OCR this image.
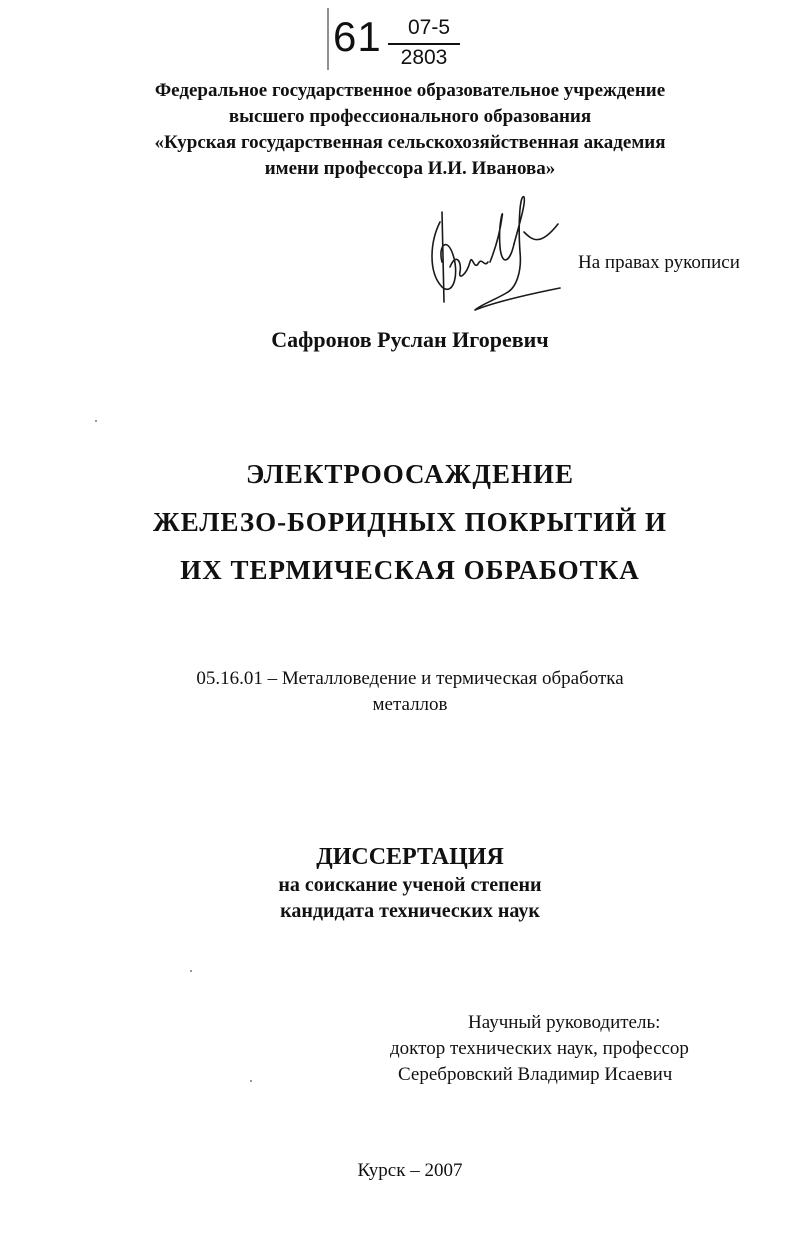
61	07-5
2803
Федеральное государственное образовательное учреждение
высшего профессионального образования
«Курская государственная сельскохозяйственная академия
имени профессора И.И. Иванова»
На правах рукописи
Сафронов Руслан Игоревич
ЭЛЕКТРООСАЖДЕНИЕ
ЖЕЛЕЗО-БОРИДНЫХ ПОКРЫТИЙ И
ИХ ТЕРМИЧЕСКАЯ ОБРАБОТКА
05.16.01 – Металловедение и термическая обработка
металлов
ДИССЕРТАЦИЯ
на соискание ученой степени
кандидата технических наук
Научный руководитель:
доктор технических наук, профессор
Серебровский Владимир Исаевич
Курск – 2007
